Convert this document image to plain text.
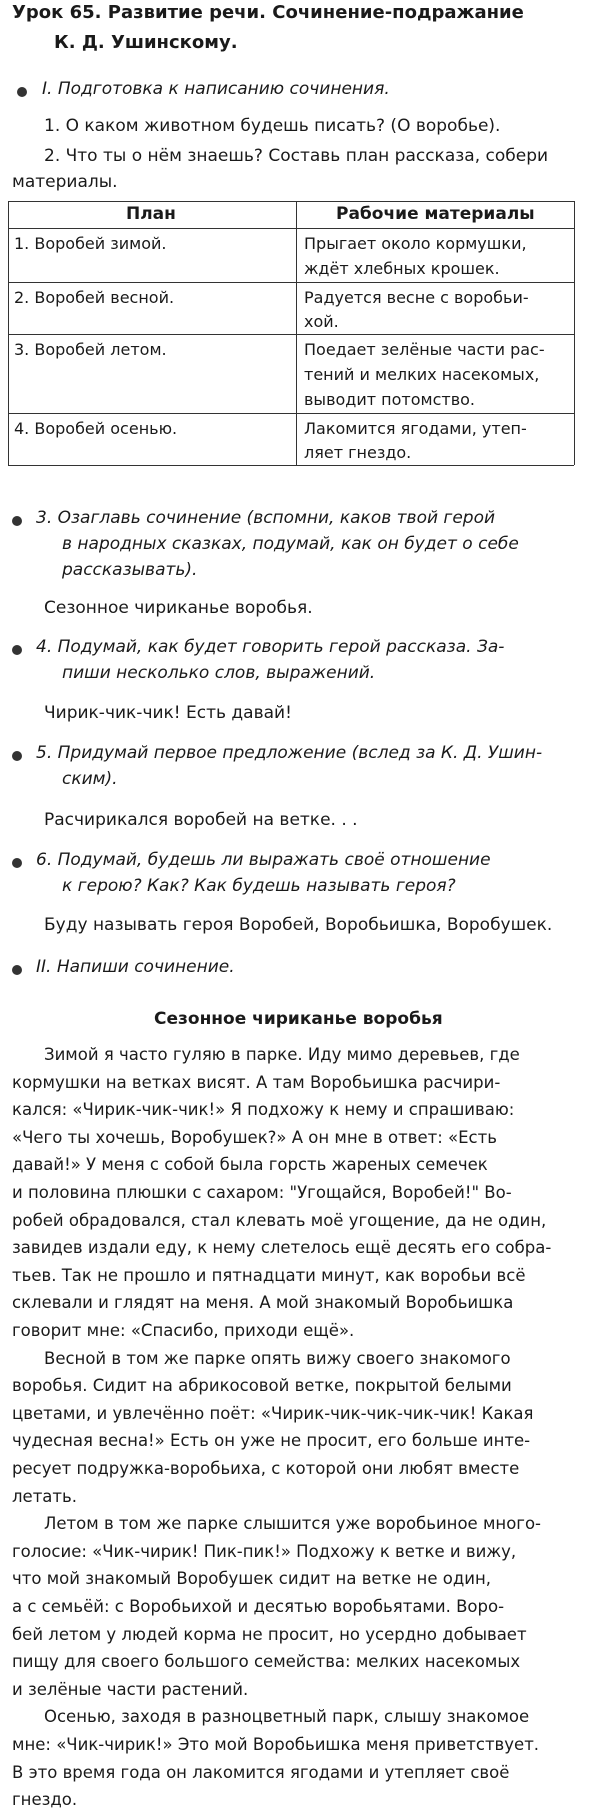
Урок 65. Развитие речи. Сочинение-подражание
К. Д. Ушинскому.
I. Подготовка к написанию сочинения.
1. О каком животном будешь писать? (О воробье).
2. Что ты о нём знаешь? Составь план рассказа, собери
материалы.
План	Рабочие материалы
1. Воробей зимой.	Прыгает около кормушки,
ждёт хлебных крошек.
2. Воробей весной.	Радуется весне с воробьи-
хой.
3. Воробей летом.	Поедает зелёные части рас-
тений и мелких насекомых,
выводит потомство.
4. Воробей осенью.	Лакомится ягодами, утеп-
ляет гнездо.
3. Озаглавь сочинение (вспомни, каков твой герой
в народных сказках, подумай, как он будет о себе
рассказывать).
Сезонное чириканье воробья.
4. Подумай, как будет говорить герой рассказа. За-
пиши несколько слов, выражений.
Чирик-чик-чик! Есть давай!
5. Придумай первое предложение (вслед за К. Д. Ушин-
ским).
Расчирикался воробей на ветке. . .
6. Подумай, будешь ли выражать своё отношение
к герою? Как? Как будешь называть героя?
Буду называть героя Воробей, Воробьишка, Воробушек.
II. Напиши сочинение.
Сезонное чириканье воробья
Зимой я часто гуляю в парке. Иду мимо деревьев, где
кормушки на ветках висят. А там Воробьишка расчири-
кался: «Чирик-чик-чик!» Я подхожу к нему и спрашиваю:
«Чего ты хочешь, Воробушек?» А он мне в ответ: «Есть
давай!» У меня с собой была горсть жареных семечек
и половина плюшки с сахаром: "Угощайся, Воробей!" Во-
робей обрадовался, стал клевать моё угощение, да не один,
завидев издали еду, к нему слетелось ещё десять его собра-
тьев. Так не прошло и пятнадцати минут, как воробьи всё
склевали и глядят на меня. А мой знакомый Воробьишка
говорит мне: «Спасибо, приходи ещё».
Весной в том же парке опять вижу своего знакомого
воробья. Сидит на абрикосовой ветке, покрытой белыми
цветами, и увлечённо поёт: «Чирик-чик-чик-чик-чик! Какая
чудесная весна!» Есть он уже не просит, его больше инте-
ресует подружка-воробьиха, с которой они любят вместе
летать.
Летом в том же парке слышится уже воробьиное много-
голосие: «Чик-чирик! Пик-пик!» Подхожу к ветке и вижу,
что мой знакомый Воробушек сидит на ветке не один,
а с семьёй: с Воробьихой и десятью воробьятами. Воро-
бей летом у людей корма не просит, но усердно добывает
пищу для своего большого семейства: мелких насекомых
и зелёные части растений.
Осенью, заходя в разноцветный парк, слышу знакомое
мне: «Чик-чирик!» Это мой Воробьишка меня приветствует.
В это время года он лакомится ягодами и утепляет своё
гнездо.
